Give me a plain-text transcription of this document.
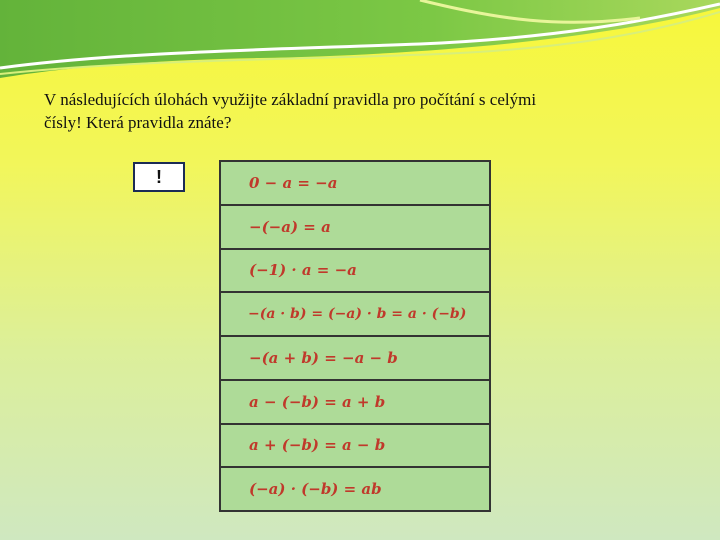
V následujících úlohách využijte základní pravidla pro počítání s celými
čísly! Která pravidla znáte?
!	0 − a = −a
−(−a) = a
(−1) · a = −a
−(a · b) = (−a) · b = a · (−b)
−(a + b) = −a − b
a − (−b) = a + b
a + (−b) = a − b
(−a) · (−b) = ab
